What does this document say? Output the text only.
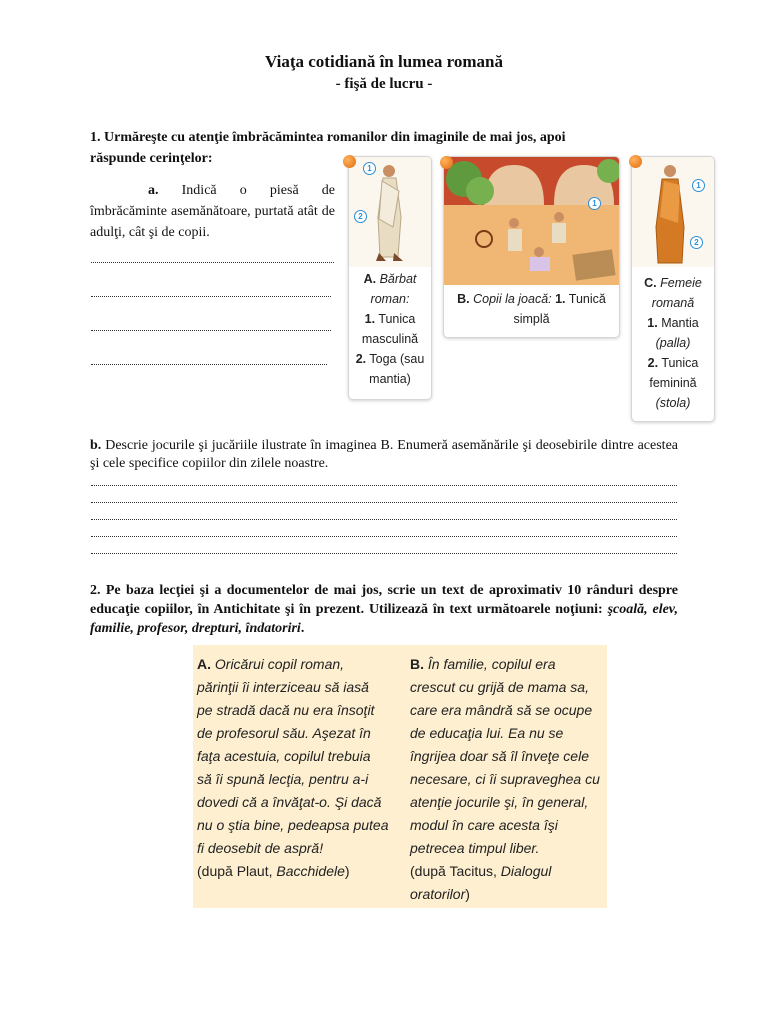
Viaţa cotidiană în lumea romană
- fişă de lucru -
1. Urmăreşte cu atenţie îmbrăcămintea romanilor din imaginile de mai jos, apoi răspunde cerinţelor:
a. Indică o piesă de îmbrăcăminte asemănătoare, purtată atât de adulţi, cât şi de copii.
1
2
A. Bărbat roman:
1. Tunica masculină
2. Toga (sau mantia)
1
B. Copii la joacă: 1. Tunică simplă
1
2
C. Femeie romană
1. Mantia
(palla)
2. Tunica feminină
(stola)
b. Descrie jocurile şi jucăriile ilustrate în imaginea B. Enumeră asemănările şi deosebirile dintre acestea şi cele specifice copiilor din zilele noastre.
2. Pe baza lecţiei şi a documentelor de mai jos, scrie un text de aproximativ 10 rânduri despre educaţie copiilor, în Antichitate şi în prezent. Utilizează în text următoarele noţiuni: şcoală, elev, familie, profesor, drepturi, îndatoriri.
A. Oricărui copil roman,
părinţii îi interziceau să iasă
pe stradă dacă nu era însoţit
de profesorul său. Aşezat în
faţa acestuia, copilul trebuia
să îi spună lecţia, pentru a-i
dovedi că a învăţat-o. Şi dacă
nu o ştia bine, pedeapsa putea
fi deosebit de aspră!
(după Plaut, Bacchidele)
B. În familie, copilul era
crescut cu grijă de mama sa,
care era mândră să se ocupe
de educaţia lui. Ea nu se
îngrijea doar să îl înveţe cele
necesare, ci îi supraveghea cu
atenţie jocurile şi, în general,
modul în care acesta îşi
petrecea timpul liber.
(după Tacitus, Dialogul
oratorilor)
